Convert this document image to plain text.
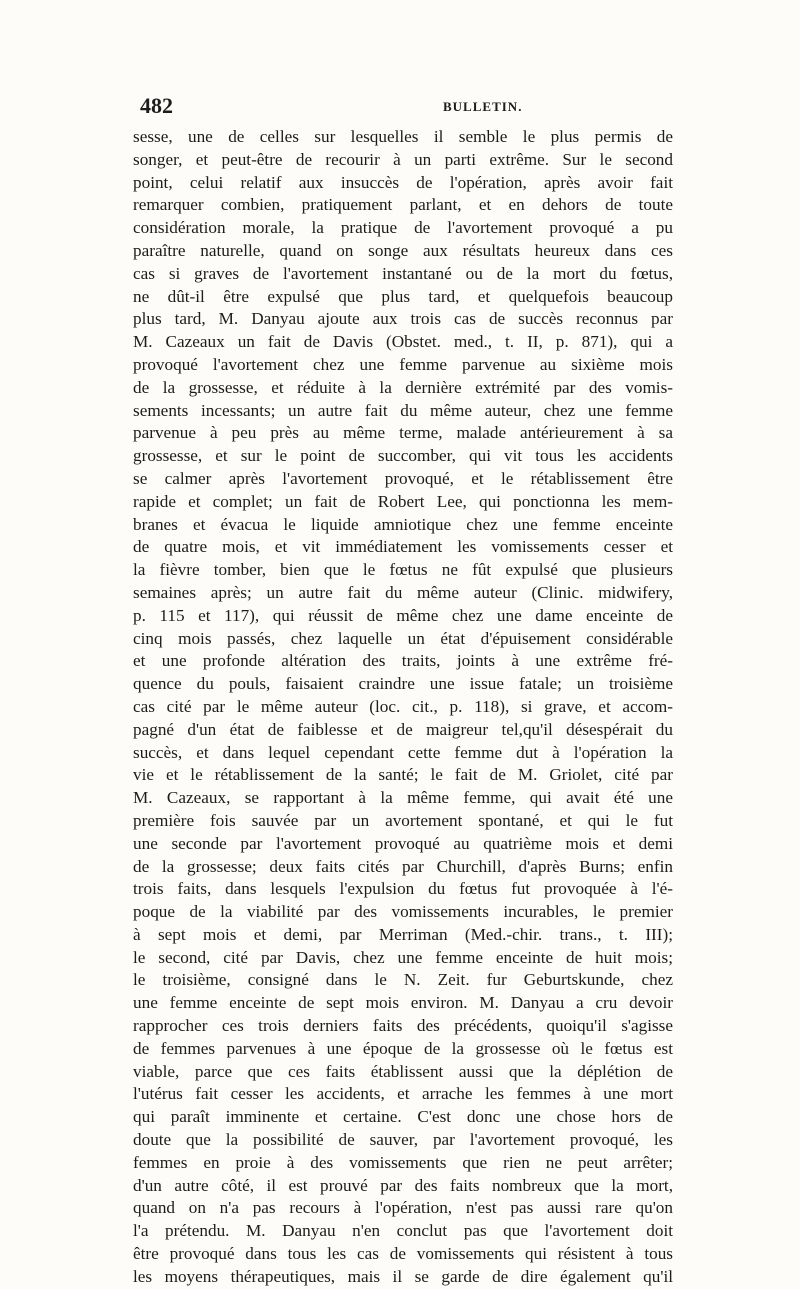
482	BULLETIN.
sesse, une de celles sur lesquelles il semble le plus permis de
songer, et peut-être de recourir à un parti extrême. Sur le second
point, celui relatif aux insuccès de l'opération, après avoir fait
remarquer combien, pratiquement parlant, et en dehors de toute
considération morale, la pratique de l'avortement provoqué a pu
paraître naturelle, quand on songe aux résultats heureux dans ces
cas si graves de l'avortement instantané ou de la mort du fœtus,
ne dût-il être expulsé que plus tard, et quelquefois beaucoup
plus tard, M. Danyau ajoute aux trois cas de succès reconnus par
M. Cazeaux un fait de Davis (Obstet. med., t. II, p. 871), qui a
provoqué l'avortement chez une femme parvenue au sixième mois
de la grossesse, et réduite à la dernière extrémité par des vomis-
sements incessants; un autre fait du même auteur, chez une femme
parvenue à peu près au même terme, malade antérieurement à sa
grossesse, et sur le point de succomber, qui vit tous les accidents
se calmer après l'avortement provoqué, et le rétablissement être
rapide et complet; un fait de Robert Lee, qui ponctionna les mem-
branes et évacua le liquide amniotique chez une femme enceinte
de quatre mois, et vit immédiatement les vomissements cesser et
la fièvre tomber, bien que le fœtus ne fût expulsé que plusieurs
semaines après; un autre fait du même auteur (Clinic. midwifery,
p. 115 et 117), qui réussit de même chez une dame enceinte de
cinq mois passés, chez laquelle un état d'épuisement considérable
et une profonde altération des traits, joints à une extrême fré-
quence du pouls, faisaient craindre une issue fatale; un troisième
cas cité par le même auteur (loc. cit., p. 118), si grave, et accom-
pagné d'un état de faiblesse et de maigreur tel,qu'il désespérait du
succès, et dans lequel cependant cette femme dut à l'opération la
vie et le rétablissement de la santé; le fait de M. Griolet, cité par
M. Cazeaux, se rapportant à la même femme, qui avait été une
première fois sauvée par un avortement spontané, et qui le fut
une seconde par l'avortement provoqué au quatrième mois et demi
de la grossesse; deux faits cités par Churchill, d'après Burns; enfin
trois faits, dans lesquels l'expulsion du fœtus fut provoquée à l'é-
poque de la viabilité par des vomissements incurables, le premier
à sept mois et demi, par Merriman (Med.-chir. trans., t. III);
le second, cité par Davis, chez une femme enceinte de huit mois;
le troisième, consigné dans le N. Zeit. fur Geburtskunde, chez
une femme enceinte de sept mois environ. M. Danyau a cru devoir
rapprocher ces trois derniers faits des précédents, quoiqu'il s'agisse
de femmes parvenues à une époque de la grossesse où le fœtus est
viable, parce que ces faits établissent aussi que la déplétion de
l'utérus fait cesser les accidents, et arrache les femmes à une mort
qui paraît imminente et certaine. C'est donc une chose hors de
doute que la possibilité de sauver, par l'avortement provoqué, les
femmes en proie à des vomissements que rien ne peut arrêter;
d'un autre côté, il est prouvé par des faits nombreux que la mort,
quand on n'a pas recours à l'opération, n'est pas aussi rare qu'on
l'a prétendu. M. Danyau n'en conclut pas que l'avortement doit
être provoqué dans tous les cas de vomissements qui résistent à tous
les moyens thérapeutiques, mais il se garde de dire également qu'il
